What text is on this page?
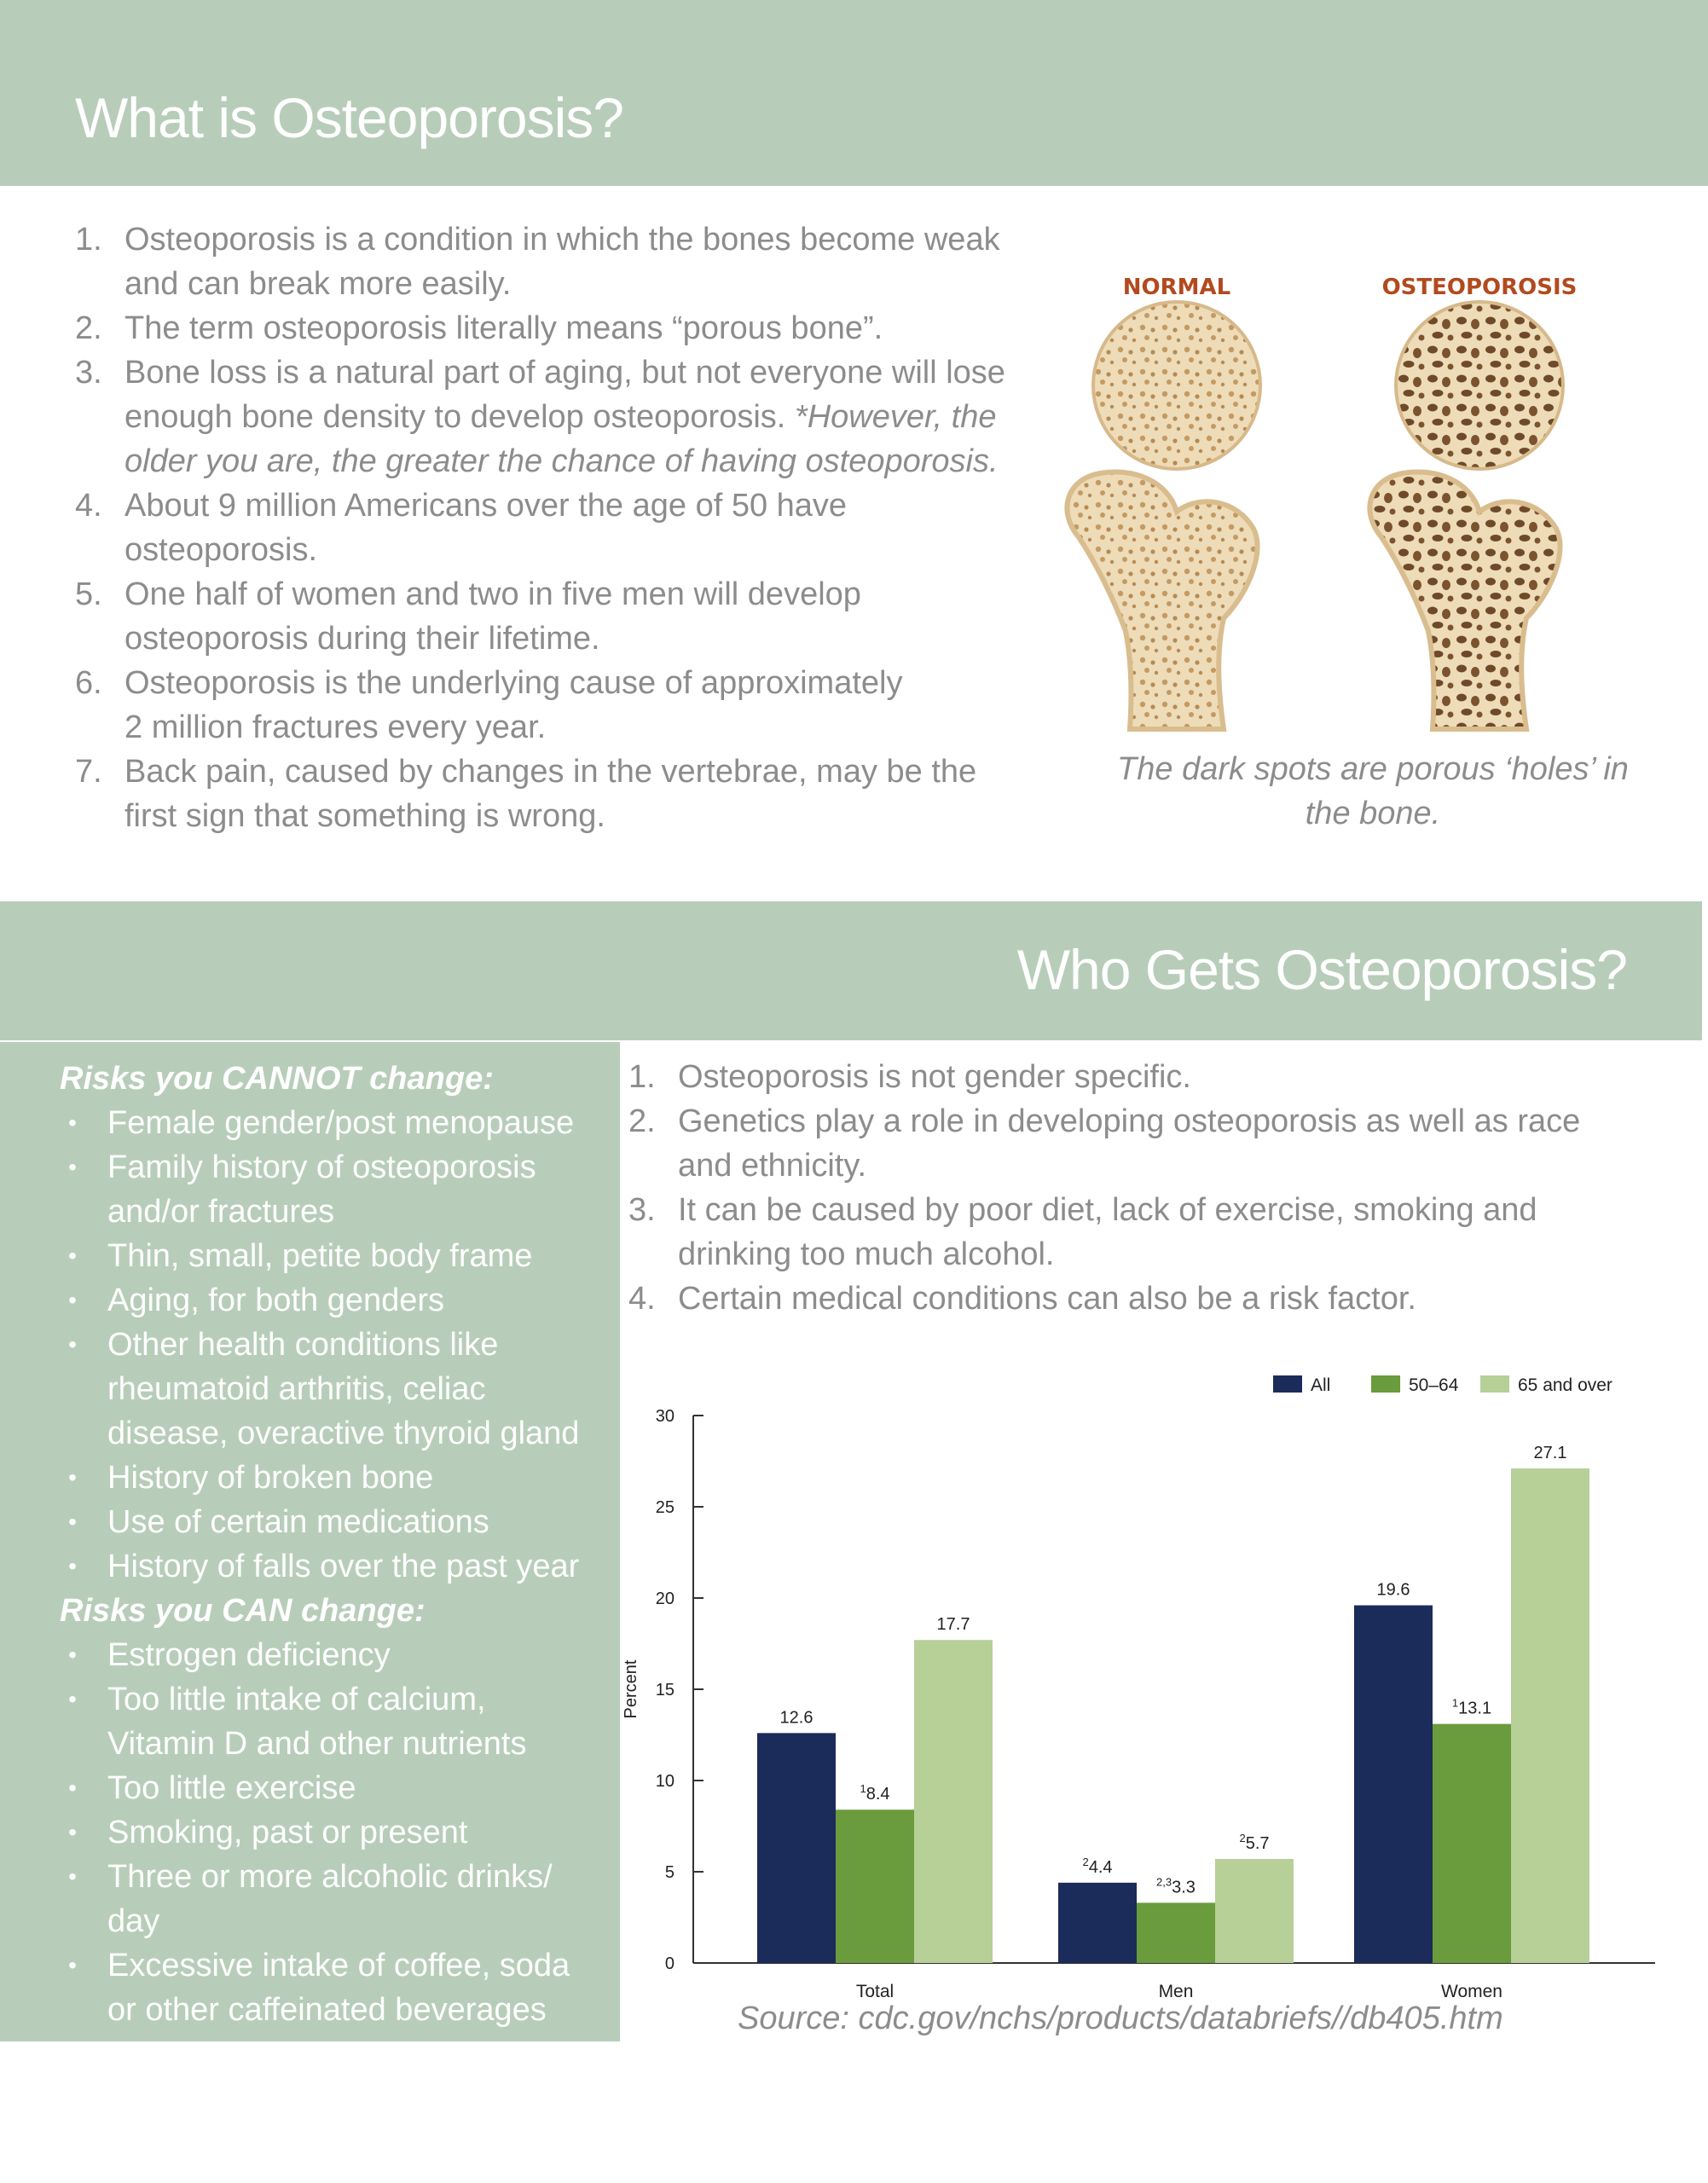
What is Osteoporosis?
1. Osteoporosis is a condition in which the bones become weak
and can break more easily.
2. The term osteoporosis literally means “porous bone”.
3. Bone loss is a natural part of aging, but not everyone will lose
enough bone density to develop osteoporosis. *However, the
older you are, the greater the chance of having osteoporosis.
4. About 9 million Americans over the age of 50 have
osteoporosis.
5. One half of women and two in five men will develop
osteoporosis during their lifetime.
6. Osteoporosis is the underlying cause of approximately
2 million fractures every year.
7. Back pain, caused by changes in the vertebrae, may be the
first sign that something is wrong.
NORMAL	OSTEOPOROSIS
The dark spots are porous ‘holes’ in
the bone.
Who Gets Osteoporosis?
Risks you CANNOT change:
• Female gender/post menopause
• Family history of osteoporosis
and/or fractures
• Thin, small, petite body frame
• Aging, for both genders
• Other health conditions like
rheumatoid arthritis, celiac
disease, overactive thyroid gland
• History of broken bone
• Use of certain medications
• History of falls over the past year
Risks you CAN change:
• Estrogen deficiency
• Too little intake of calcium,
Vitamin D and other nutrients
• Too little exercise
• Smoking, past or present
• Three or more alcoholic drinks/
day
• Excessive intake of coffee, soda
or other caffeinated beverages
1. Osteoporosis is not gender specific.
2. Genetics play a role in developing osteoporosis as well as race
and ethnicity.
3. It can be caused by poor diet, lack of exercise, smoking and
drinking too much alcohol.
4. Certain medical conditions can also be a risk factor.
0
5
10
15
20
25
30
Percent	12.6
$^1$8.4
17.7
Total
$^2$4.4
$^{2,3}$3.3
$^2$5.7
Men
19.6
$^1$13.1
27.1
Women
All	50–64	65 and over
Source: cdc.gov/nchs/products/databriefs//db405.htm
